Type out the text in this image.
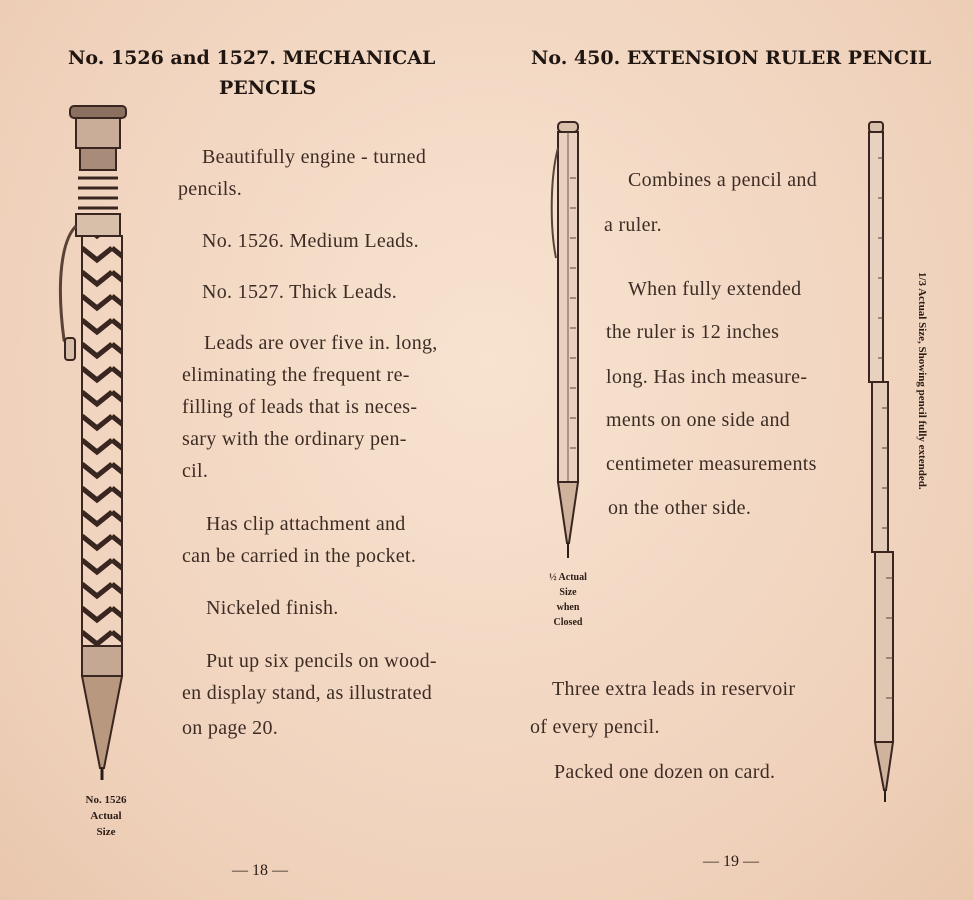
No. 1526 and 1527. MECHANICAL
PENCILS
Beautifully engine - turned
pencils.
No. 1526. Medium Leads.
No. 1527. Thick Leads.
Leads are over five in. long,
eliminating the frequent re-
filling of leads that is neces-
sary with the ordinary pen-
cil.
Has clip attachment and
can be carried in the pocket.
Nickeled finish.
Put up six pencils on wood-
en display stand, as illustrated
on page 20.
No. 1526
Actual
Size
— 18 —
No. 450. EXTENSION RULER PENCIL
Combines a pencil and
a ruler.
When fully extended
the ruler is 12 inches
long. Has inch measure-
ments on one side and
centimeter measurements
on the other side.
Three extra leads in reservoir
of every pencil.
Packed one dozen on card.
½ Actual
Size
when
Closed
1/3 Actual Size, Showing pencil fully extended.
— 19 —
